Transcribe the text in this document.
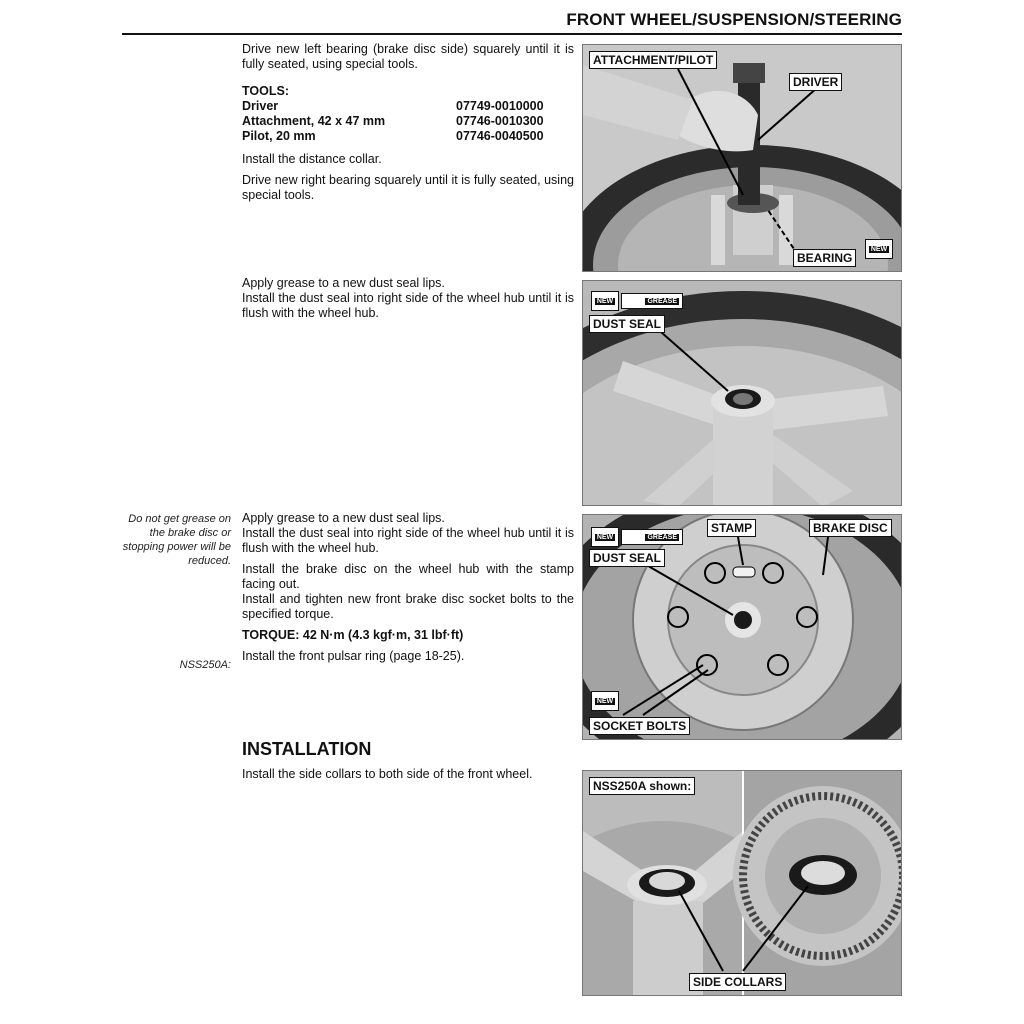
FRONT WHEEL/SUSPENSION/STEERING

Drive new left bearing (brake disc side) squarely until it is fully seated, using special tools.

TOOLS:
Driver	07749-0010000
Attachment, 42 x 47 mm	07746-0010300
Pilot, 20 mm	07746-0040500

Install the distance collar.

Drive new right bearing squarely until it is fully seated, using special tools.

Apply grease to a new dust seal lips.
Install the dust seal into right side of the wheel hub until it is flush with the wheel hub.
Do not get grease on the brake disc or stopping power will be reduced.
NSS250A:
Apply grease to a new dust seal lips.

Install the dust seal into right side of the wheel hub until it is flush with the wheel hub.

Install the brake disc on the wheel hub with the stamp facing out.

Install and tighten new front brake disc socket bolts to the specified torque.

TORQUE: 42 N·m (4.3 kgf·m, 31 lbf·ft)

Install the front pulsar ring (page 18-25).

INSTALLATION
Install the side collars to both side of the front wheel.
ATTACHMENT/PILOT
DRIVER
BEARING
NEW
NEW	GREASE
DUST SEAL
STAMP	BRAKE DISC
NEW	GREASE
DUST SEAL
NEW
SOCKET BOLTS
NSS250A shown:
SIDE COLLARS
